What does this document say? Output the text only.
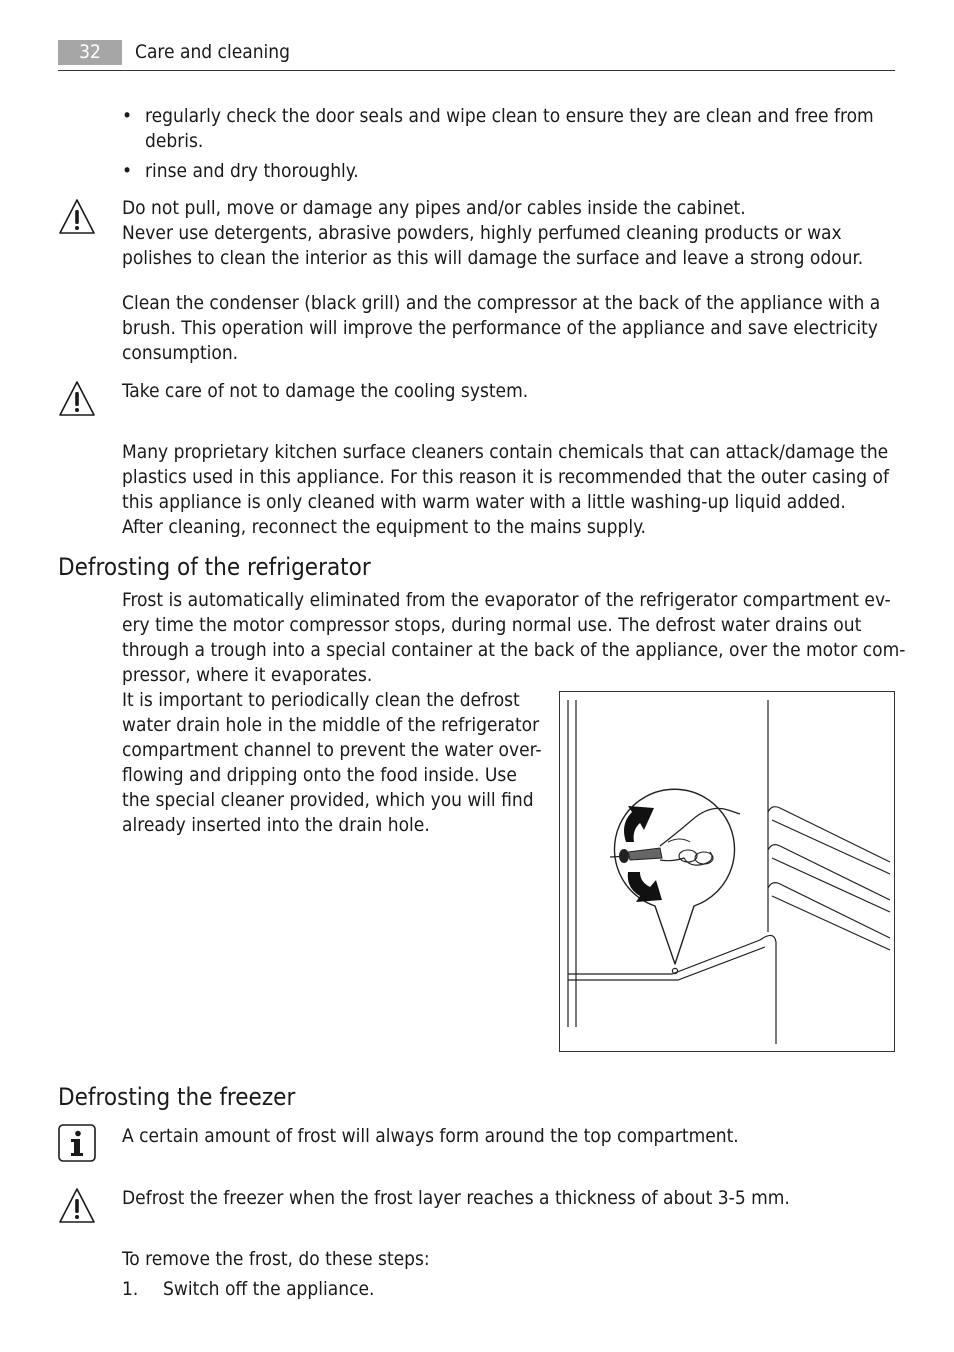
32	Care and cleaning
• regularly check the door seals and wipe clean to ensure they are clean and free from debris.
• rinse and dry thoroughly.
Do not pull, move or damage any pipes and/or cables inside the cabinet.
Never use detergents, abrasive powders, highly perfumed cleaning products or wax polishes to clean the interior as this will damage the surface and leave a strong odour.
Clean the condenser (black grill) and the compressor at the back of the appliance with a brush. This operation will improve the performance of the appliance and save electricity consumption.
Take care of not to damage the cooling system.
Many proprietary kitchen surface cleaners contain chemicals that can attack/damage the plastics used in this appliance. For this reason it is recommended that the outer casing of this appliance is only cleaned with warm water with a little washing-up liquid added.
After cleaning, reconnect the equipment to the mains supply.
Defrosting of the refrigerator
Frost is automatically eliminated from the evaporator of the refrigerator compartment ev-
ery time the motor compressor stops, during normal use. The defrost water drains out
through a trough into a special container at the back of the appliance, over the motor com-
pressor, where it evaporates.
It is important to periodically clean the defrost
water drain hole in the middle of the refrigerator
compartment channel to prevent the water over-
flowing and dripping onto the food inside. Use
the special cleaner provided, which you will find
already inserted into the drain hole.
Defrosting the freezer
A certain amount of frost will always form around the top compartment.
Defrost the freezer when the frost layer reaches a thickness of about 3-5 mm.
To remove the frost, do these steps:
1. Switch off the appliance.
